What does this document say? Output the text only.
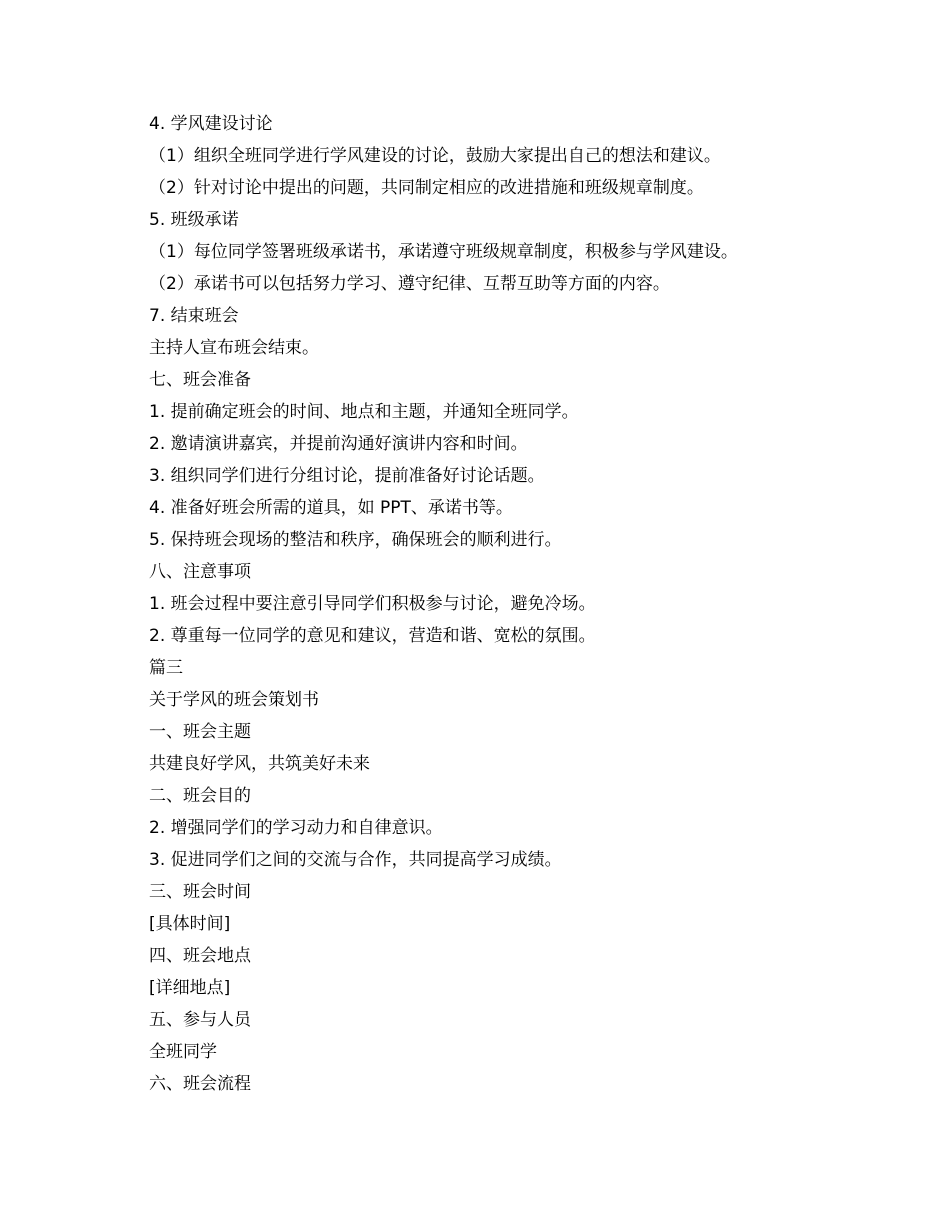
4. 学风建设讨论

（1）组织全班同学进行学风建设的讨论，鼓励大家提出自己的想法和建议。

（2）针对讨论中提出的问题，共同制定相应的改进措施和班级规章制度。

5. 班级承诺

（1）每位同学签署班级承诺书，承诺遵守班级规章制度，积极参与学风建设。

（2）承诺书可以包括努力学习、遵守纪律、互帮互助等方面的内容。

7. 结束班会

主持人宣布班会结束。

七、班会准备

1. 提前确定班会的时间、地点和主题，并通知全班同学。

2. 邀请演讲嘉宾，并提前沟通好演讲内容和时间。

3. 组织同学们进行分组讨论，提前准备好讨论话题。

4. 准备好班会所需的道具，如 PPT、承诺书等。

5. 保持班会现场的整洁和秩序，确保班会的顺利进行。

八、注意事项

1. 班会过程中要注意引导同学们积极参与讨论，避免冷场。

2. 尊重每一位同学的意见和建议，营造和谐、宽松的氛围。

篇三

关于学风的班会策划书

一、班会主题

共建良好学风，共筑美好未来

二、班会目的

2. 增强同学们的学习动力和自律意识。

3. 促进同学们之间的交流与合作，共同提高学习成绩。

三、班会时间

[具体时间]

四、班会地点

[详细地点]

五、参与人员

全班同学

六、班会流程
